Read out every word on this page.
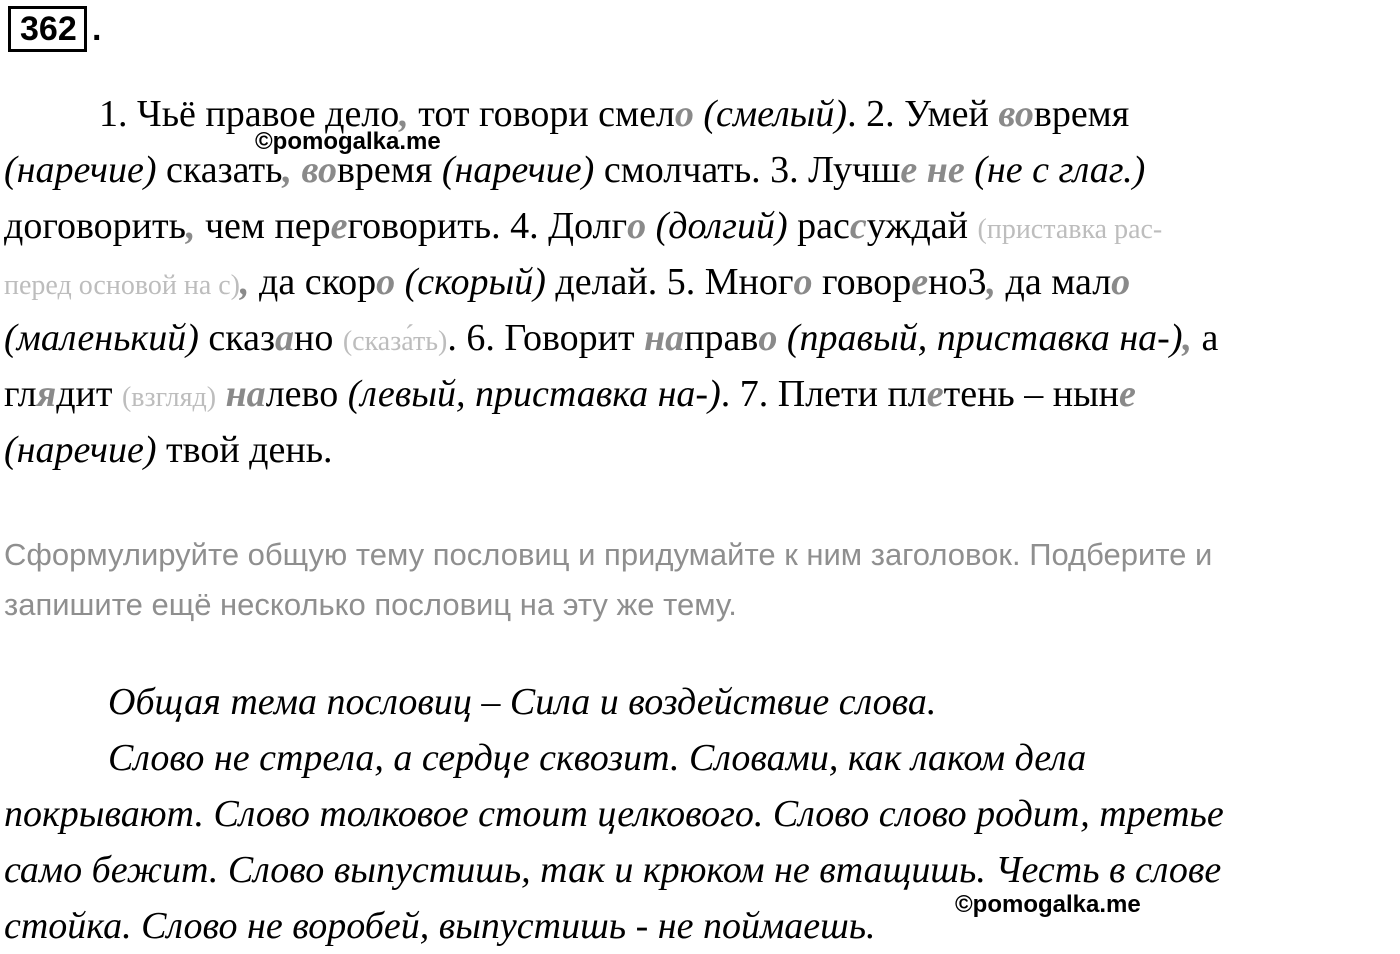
362 .
1. Чьё правое дело, тот говори смело (смелый). 2. Умей вовремя
(наречие) сказать, вовремя (наречие) смолчать. 3. Лучше не (не с глаг.)
договорить, чем переговорить. 4. Долго (долгий) рассуждай (приставка рас-
перед основой на с), да скоро (скорый) делай. 5. Много говорено3, да мало
(маленький) сказано (сказа́ть). 6. Говорит направо (правый, приставка на-), а
глядит (взгляд) налево (левый, приставка на-). 7. Плети плетень – ныне
(наречие) твой день.
Сформулируйте общую тему пословиц и придумайте к ним заголовок. Подберите и
запишите ещё несколько пословиц на эту же тему.
Общая тема пословиц – Сила и воздействие слова.
Слово не стрела, а сердце сквозит. Словами, как лаком дела
покрывают. Слово толковое стоит целкового. Слово слово родит, третье
само бежит. Слово выпустишь, так и крюком не втащишь. Честь в слове
стойка. Слово не воробей, выпустишь - не поймаешь.
©pomogalka.me
©pomogalka.me
